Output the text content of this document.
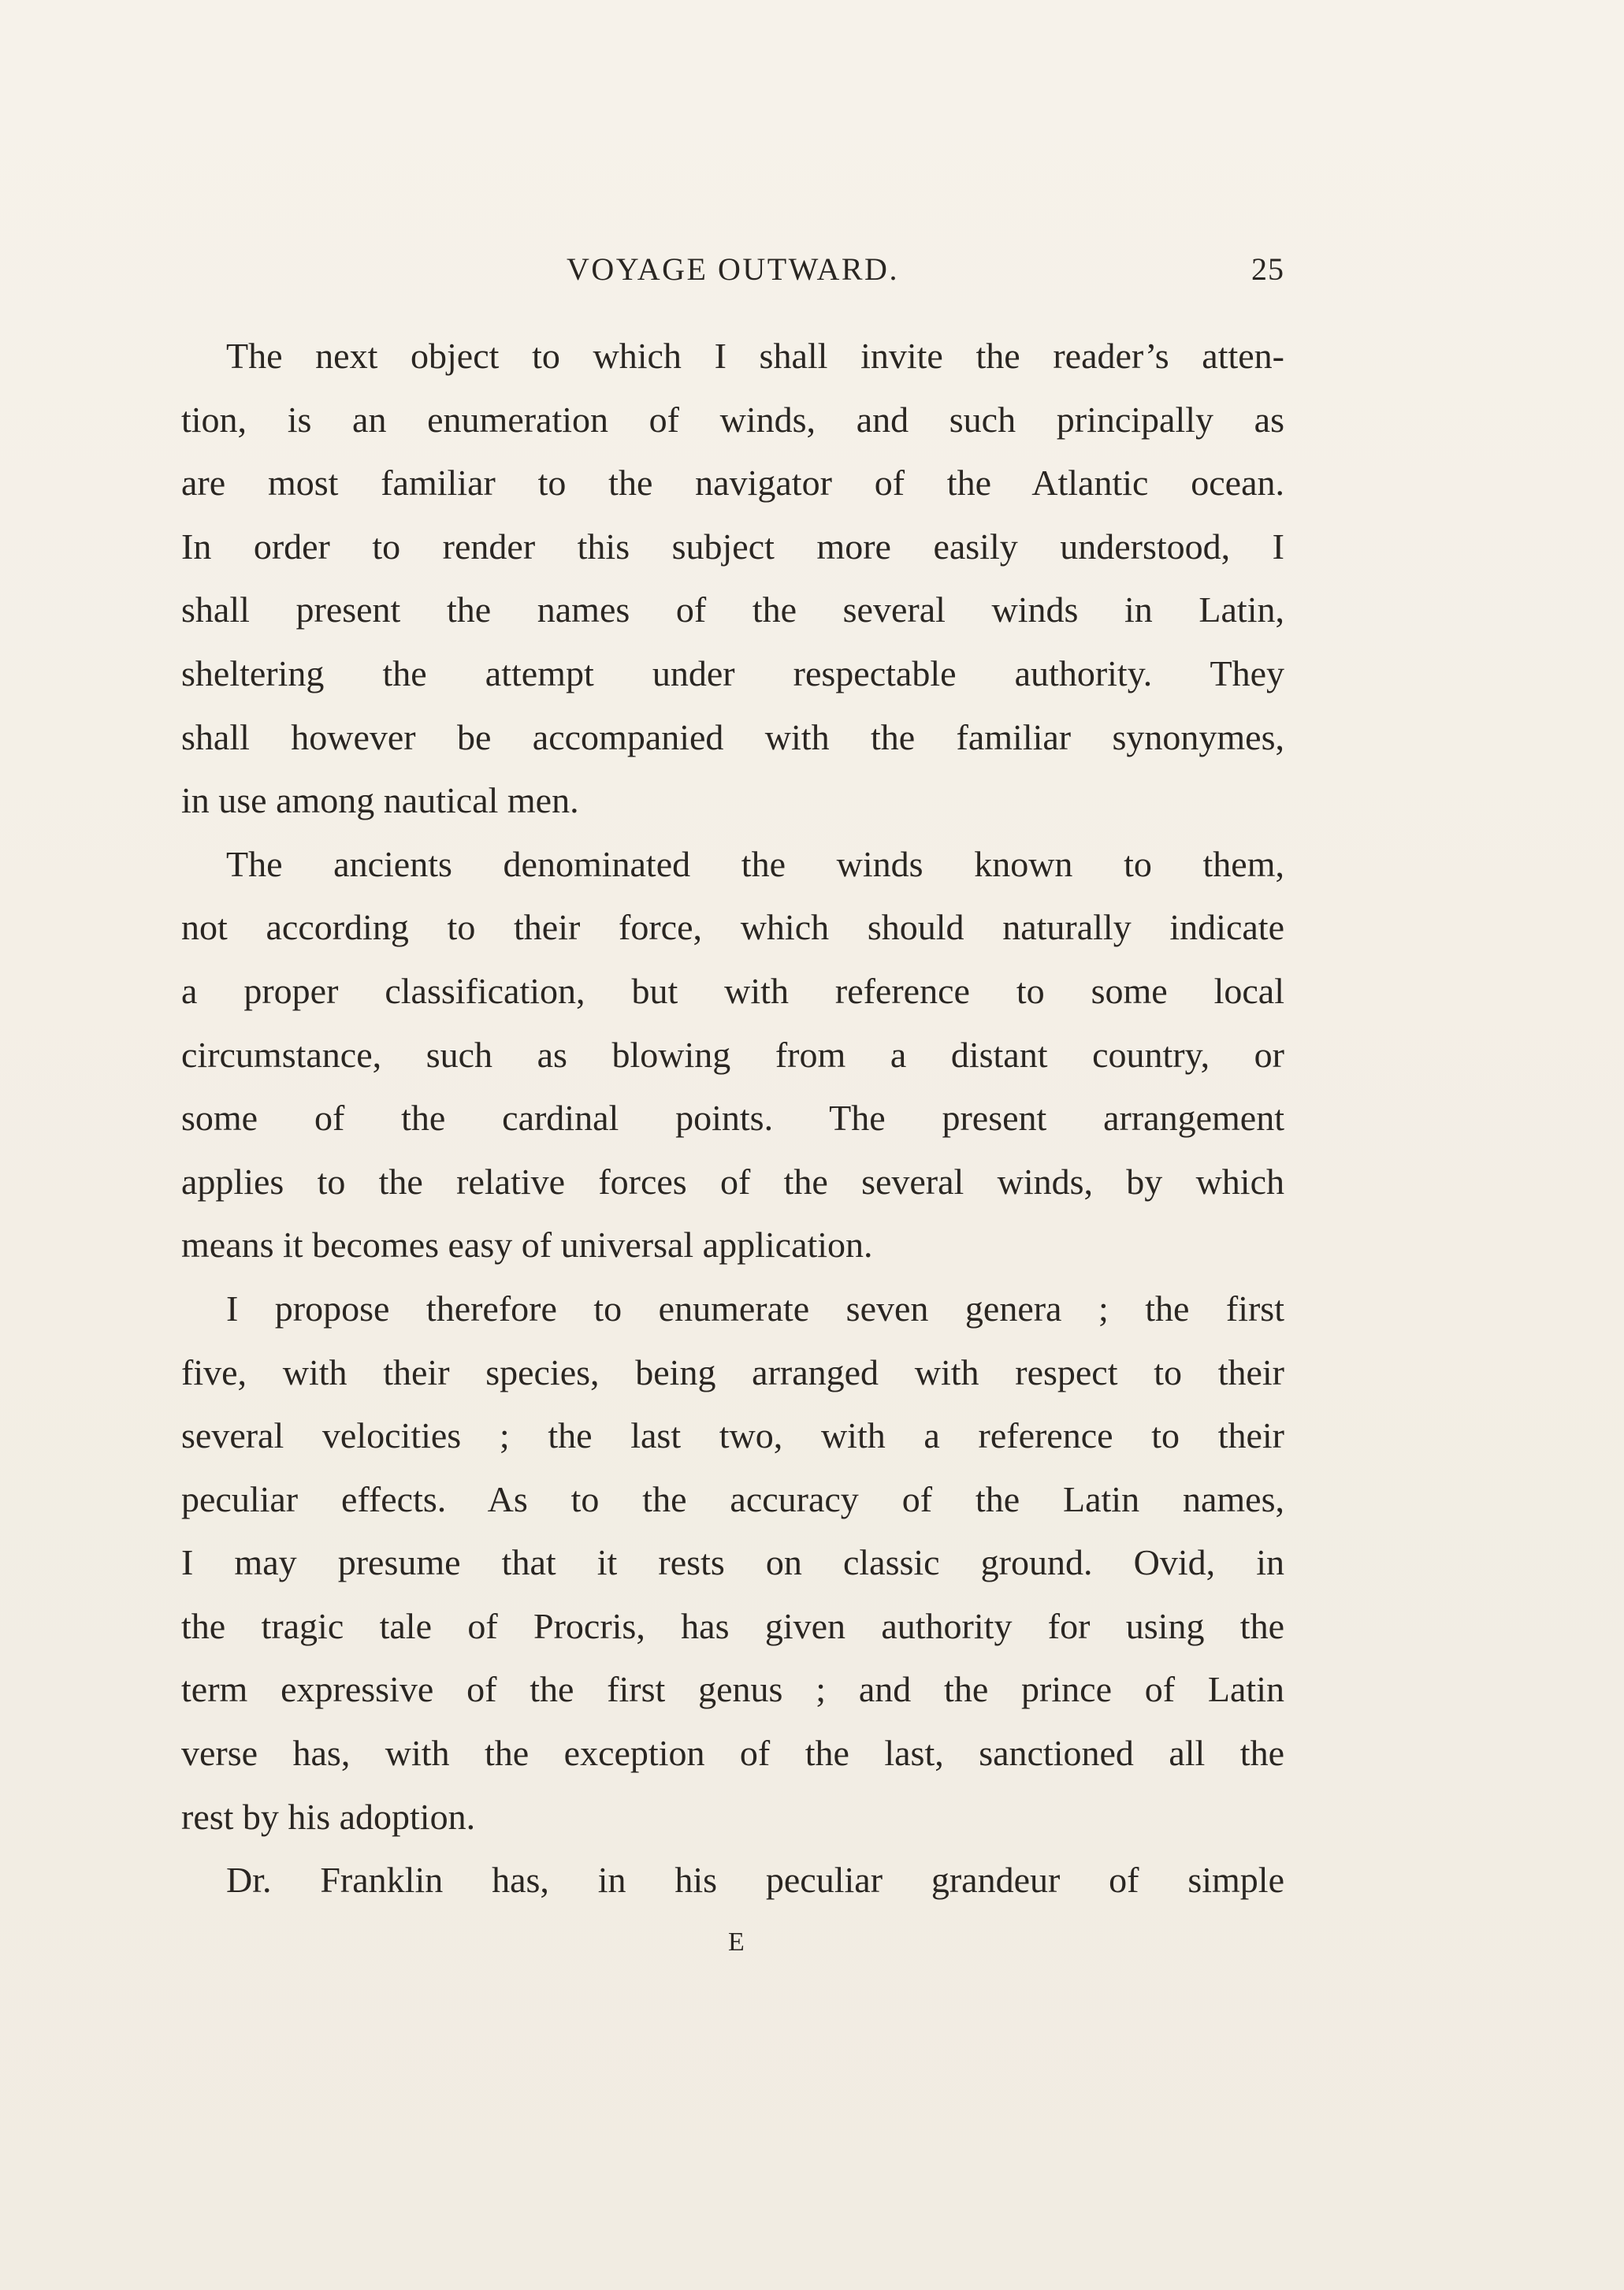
VOYAGE OUTWARD.	25
The next object to which I shall invite the reader’s atten-
tion, is an enumeration of winds, and such principally as
are most familiar to the navigator of the Atlantic ocean.
In order to render this subject more easily understood, I
shall present the names of the several winds in Latin,
sheltering the attempt under respectable authority. They
shall however be accompanied with the familiar synonymes,
in use among nautical men.
The ancients denominated the winds known to them,
not according to their force, which should naturally indicate
a proper classification, but with reference to some local
circumstance, such as blowing from a distant country, or
some of the cardinal points. The present arrangement
applies to the relative forces of the several winds, by which
means it becomes easy of universal application.
I propose therefore to enumerate seven genera ; the first
five, with their species, being arranged with respect to their
several velocities ; the last two, with a reference to their
peculiar effects. As to the accuracy of the Latin names,
I may presume that it rests on classic ground. Ovid, in
the tragic tale of Procris, has given authority for using the
term expressive of the first genus ; and the prince of Latin
verse has, with the exception of the last, sanctioned all the
rest by his adoption.
Dr. Franklin has, in his peculiar grandeur of simple
E
